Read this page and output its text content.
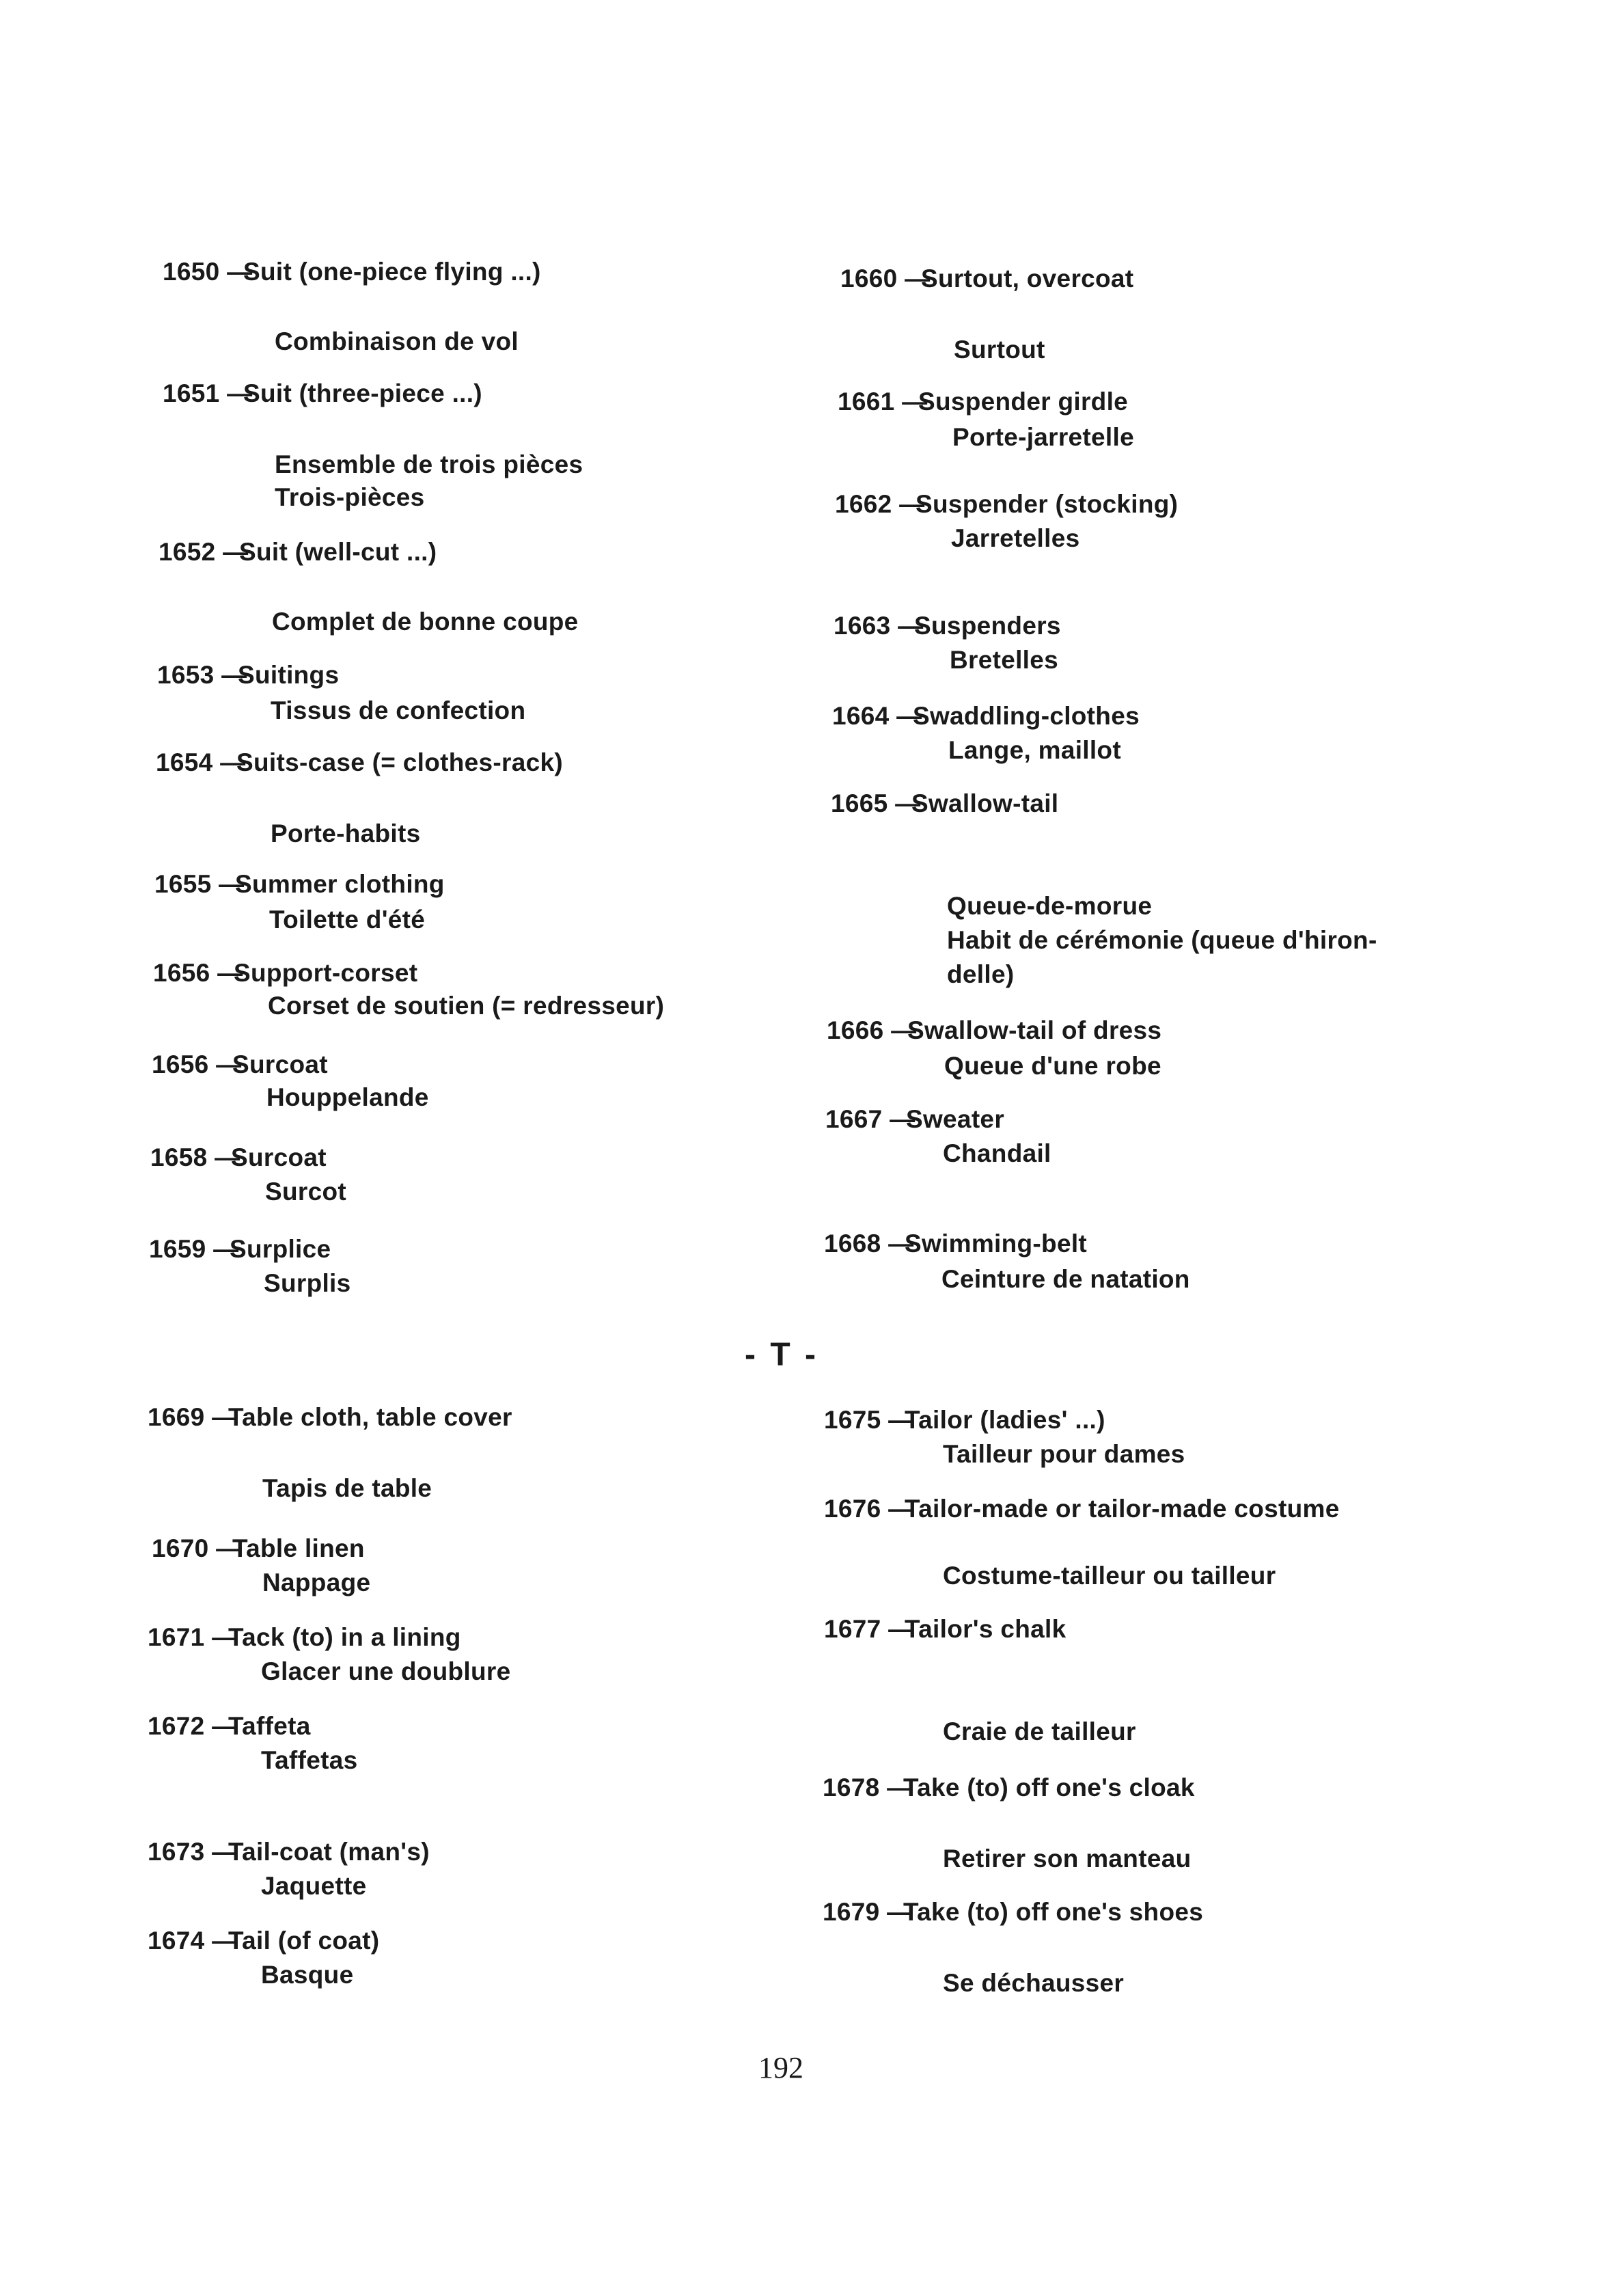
1650 —Suit (one-piece flying ...)
Combinaison de vol
1651 —Suit (three-piece ...)
Ensemble de trois pièces
Trois-pièces
1652 —Suit (well-cut ...)
Complet de bonne coupe
1653 —Suitings
Tissus de confection
1654 —Suits-case (= clothes-rack)
Porte-habits
1655 —Summer clothing
Toilette d'été
1656 —Support-corset
Corset de soutien (= redresseur)
1656 —Surcoat
Houppelande
1658 —Surcoat
Surcot
1659 —Surplice
Surplis
1660 —Surtout, overcoat
Surtout
1661 —Suspender girdle
Porte-jarretelle
1662 —Suspender (stocking)
Jarretelles
1663 —Suspenders
Bretelles
1664 —Swaddling-clothes
Lange, maillot
1665 —Swallow-tail
Queue-de-morue
Habit de cérémonie (queue d'hiron-
delle)
1666 —Swallow-tail of dress
Queue d'une robe
1667 —Sweater
Chandail
1668 —Swimming-belt
Ceinture de natation
- T -
1669 —Table cloth, table cover
Tapis de table
1670 —Table linen
Nappage
1671 —Tack (to) in a lining
Glacer une doublure
1672 —Taffeta
Taffetas
1673 —Tail-coat (man's)
Jaquette
1674 —Tail (of coat)
Basque
1675 —Tailor (ladies' ...)
Tailleur pour dames
1676 —Tailor-made or tailor-made costume
Costume-tailleur ou tailleur
1677 —Tailor's chalk
Craie de tailleur
1678 —Take (to) off one's cloak
Retirer son manteau
1679 —Take (to) off one's shoes
Se déchausser
192
